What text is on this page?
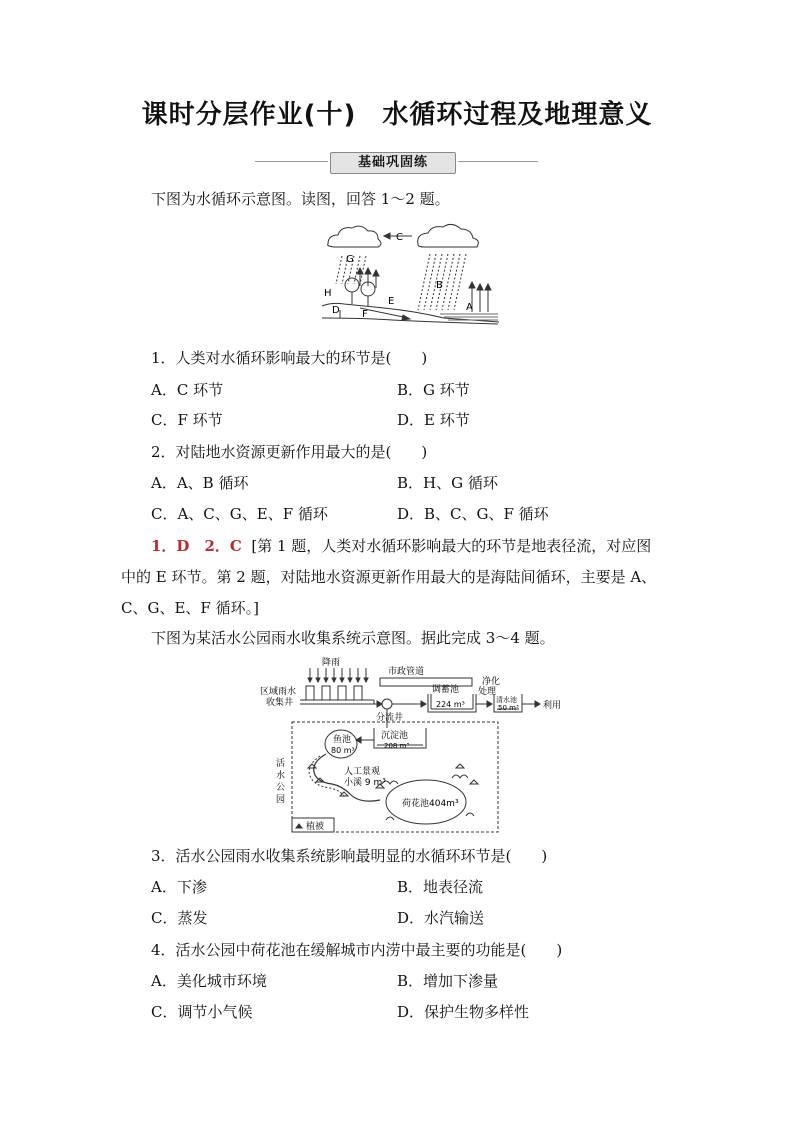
课时分层作业(十) 水循环过程及地理意义
基础巩固练
下图为水循环示意图。读图，回答 1～2 题。
C
G
B
H
D
E
F
A
1．人类对水循环影响最大的环节是(　　)
A．C 环节	B．G 环节
C．F 环节	D．E 环节
2．对陆地水资源更新作用最大的是(　　)
A．A、B 循环	B．H、G 循环
C．A、C、G、E、F 循环	D．B、C、G、F 循环
1．D　2．C [第 1 题，人类对水循环影响最大的环节是地表径流，对应图
中的 E 环节。第 2 题，对陆地水资源更新作用最大的是海陆间循环，主要是 A、
C、G、E、F 循环。]
下图为某活水公园雨水收集系统示意图。据此完成 3～4 题。
降雨
市政管道
区域雨水
收集井
调蓄池
224 m³
净化
处理
清水池
50 m³	利用
分流井
沉淀池
208 m³
鱼池
80 m³
活
水
公
园
人工景观
小溪 9 m³
荷花池404m³
植被
3．活水公园雨水收集系统影响最明显的水循环环节是(　　)
A．下渗	B．地表径流
C．蒸发	D．水汽输送
4．活水公园中荷花池在缓解城市内涝中最主要的功能是(　　)
A．美化城市环境	B．增加下渗量
C．调节小气候	D．保护生物多样性
